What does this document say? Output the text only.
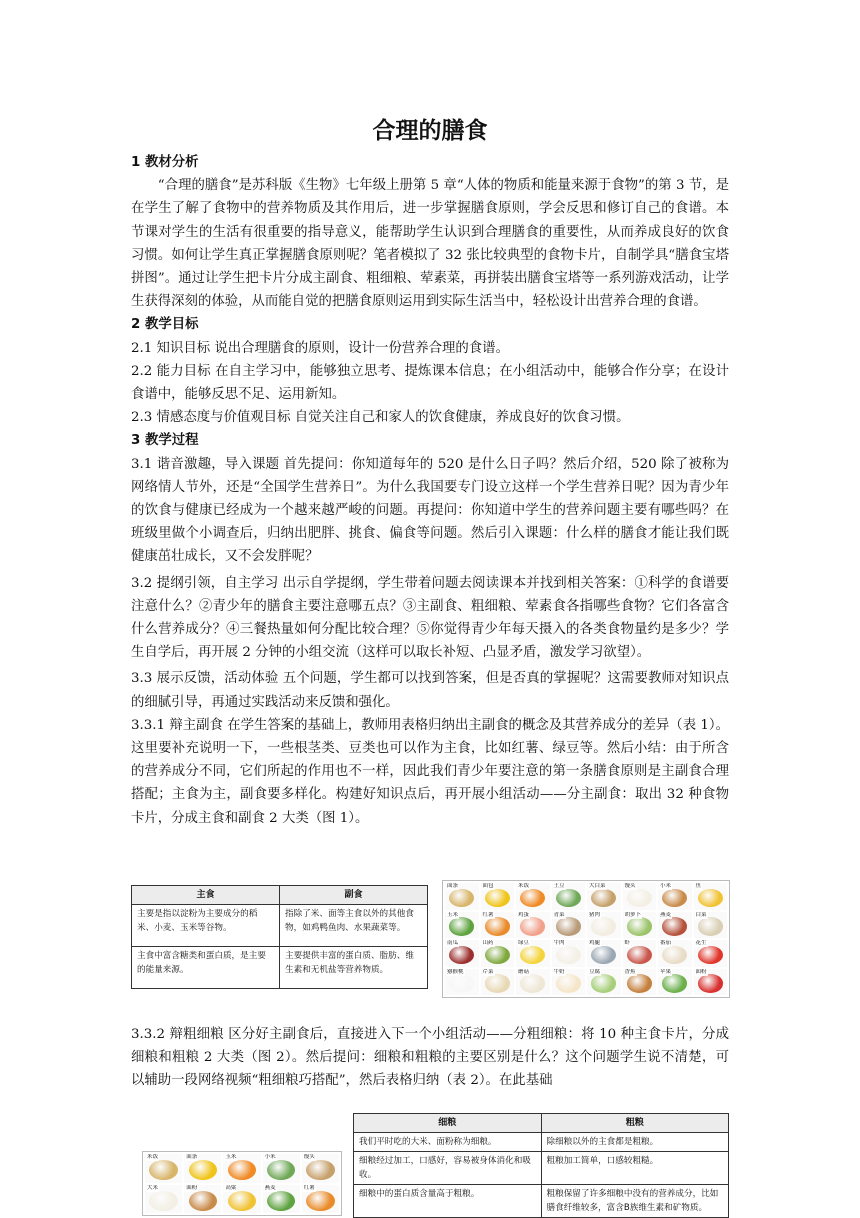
合理的膳食
1 教材分析

“合理的膳食”是苏科版《生物》七年级上册第 5 章“人体的物质和能量来源于食物”的第 3 节，是在学生了解了食物中的营养物质及其作用后，进一步掌握膳食原则，学会反思和修订自己的食谱。本节课对学生的生活有很重要的指导意义，能帮助学生认识到合理膳食的重要性，从而养成良好的饮食习惯。如何让学生真正掌握膳食原则呢？笔者模拟了 32 张比较典型的食物卡片，自制学具“膳食宝塔拼图”。通过让学生把卡片分成主副食、粗细粮、荤素菜，再拼装出膳食宝塔等一系列游戏活动，让学生获得深刻的体验，从而能自觉的把膳食原则运用到实际生活当中，轻松设计出营养合理的食谱。

2 教学目标

2.1 知识目标 说出合理膳食的原则，设计一份营养合理的食谱。

2.2 能力目标 在自主学习中，能够独立思考、提炼课本信息；在小组活动中，能够合作分享；在设计食谱中，能够反思不足、运用新知。

2.3 情感态度与价值观目标 自觉关注自己和家人的饮食健康，养成良好的饮食习惯。

3 教学过程

3.1 谐音激趣，导入课题 首先提问：你知道每年的 520 是什么日子吗？然后介绍，520 除了被称为网络情人节外，还是“全国学生营养日”。为什么我国要专门设立这样一个学生营养日呢？因为青少年的饮食与健康已经成为一个越来越严峻的问题。再提问：你知道中学生的营养问题主要有哪些吗？在班级里做个小调查后，归纳出肥胖、挑食、偏食等问题。然后引入课题：什么样的膳食才能让我们既健康茁壮成长，又不会发胖呢？

3.2 提纲引领，自主学习 出示自学提纲，学生带着问题去阅读课本并找到相关答案：①科学的食谱要注意什么？②青少年的膳食主要注意哪五点？③主副食、粗细粮、荤素食各指哪些食物？它们各富含什么营养成分？④三餐热量如何分配比较合理？⑤你觉得青少年每天摄入的各类食物量约是多少？学生自学后，再开展 2 分钟的小组交流（这样可以取长补短、凸显矛盾，激发学习欲望）。

3.3 展示反馈，活动体验 五个问题，学生都可以找到答案，但是否真的掌握呢？这需要教师对知识点的细腻引导，再通过实践活动来反馈和强化。

3.3.1 辩主副食 在学生答案的基础上，教师用表格归纳出主副食的概念及其营养成分的差异（表 1）。这里要补充说明一下，一些根茎类、豆类也可以作为主食，比如红薯、绿豆等。然后小结：由于所含的营养成分不同，它们所起的作用也不一样，因此我们青少年要注意的第一条膳食原则是主副食合理搭配；主食为主，副食要多样化。构建好知识点后，再开展小组活动——分主副食：取出 32 种食物卡片，分成主食和副食 2 大类（图 1）。

主食	副食
主要是指以淀粉为主要成分的稻米、小麦、玉米等谷物。	指除了米、面等主食以外的其他食物，如鸡鸭鱼肉、水果蔬菜等。
主食中富含糖类和蛋白质，是主要的能量来源。	主要提供丰富的蛋白质、脂肪、维生素和无机盐等营养物质。
面条	面包	米饭	土豆	大白菜	馒头	小米	鱼
玉米	红薯	鸡蛋	青菜	猪肉	胡萝卜	燕麦	白菜
南瓜	山药	绿豆	牛肉	鸡腿	虾	番茄	花生
猕猴桃	芹菜	蘑菇	牛奶	豆腐	香蕉	苹果	面粉

3.3.2 辩粗细粮 区分好主副食后，直接进入下一个小组活动——分粗细粮：将 10 种主食卡片，分成细粮和粗粮 2 大类（图 2）。然后提问：细粮和粗粮的主要区别是什么？这个问题学生说不清楚，可以辅助一段网络视频“粗细粮巧搭配”，然后表格归纳（表 2）。在此基础

米饭	面条	玉米	小米	馒头
大米	面粉	高粱	燕麦	红薯
细粮	粗粮
我们平时吃的大米、面粉称为细粮。	除细粮以外的主食都是粗粮。
细粮经过加工，口感好，容易被身体消化和吸收。	粗粮加工简单，口感较粗糙。
细粮中的蛋白质含量高于粗粮。	粗粮保留了许多细粮中没有的营养成分，比如膳食纤维较多，富含B族维生素和矿物质。
